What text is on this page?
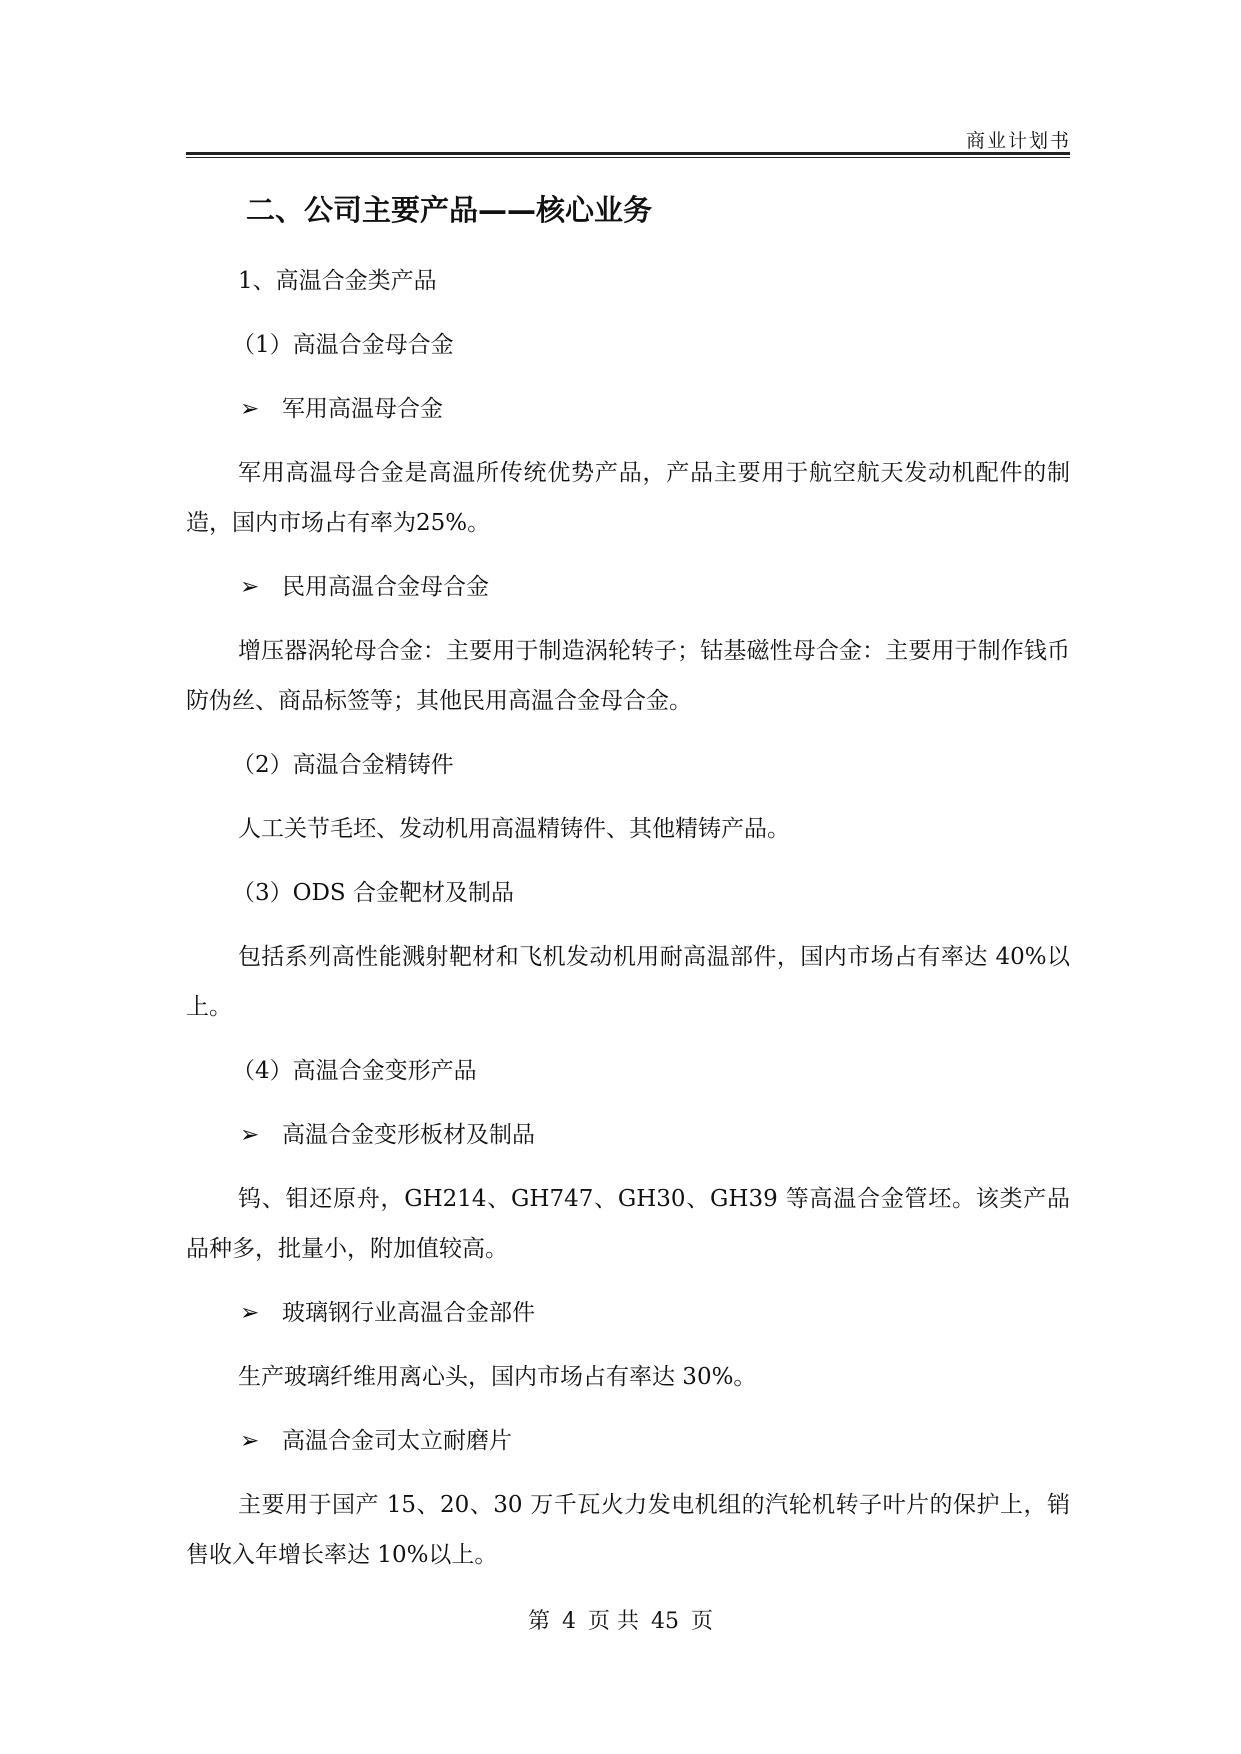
商业计划书
二、公司主要产品——核心业务
1、高温合金类产品
（1）高温合金母合金
➢ 军用高温母合金
军用高温母合金是高温所传统优势产品，产品主要用于航空航天发动机配件的制造，国内市场占有率为25%。
➢ 民用高温合金母合金
增压器涡轮母合金：主要用于制造涡轮转子；钴基磁性母合金：主要用于制作钱币防伪丝、商品标签等；其他民用高温合金母合金。
（2）高温合金精铸件
人工关节毛坯、发动机用高温精铸件、其他精铸产品。
（3）ODS 合金靶材及制品
包括系列高性能溅射靶材和飞机发动机用耐高温部件，国内市场占有率达 40%以上。
（4）高温合金变形产品
➢ 高温合金变形板材及制品
钨、钼还原舟，GH214、GH747、GH30、GH39 等高温合金管坯。该类产品品种多，批量小，附加值较高。
➢ 玻璃钢行业高温合金部件
生产玻璃纤维用离心头，国内市场占有率达 30%。
➢ 高温合金司太立耐磨片
主要用于国产 15、20、30 万千瓦火力发电机组的汽轮机转子叶片的保护上，销售收入年增长率达 10%以上。
第 4 页 共 45 页
